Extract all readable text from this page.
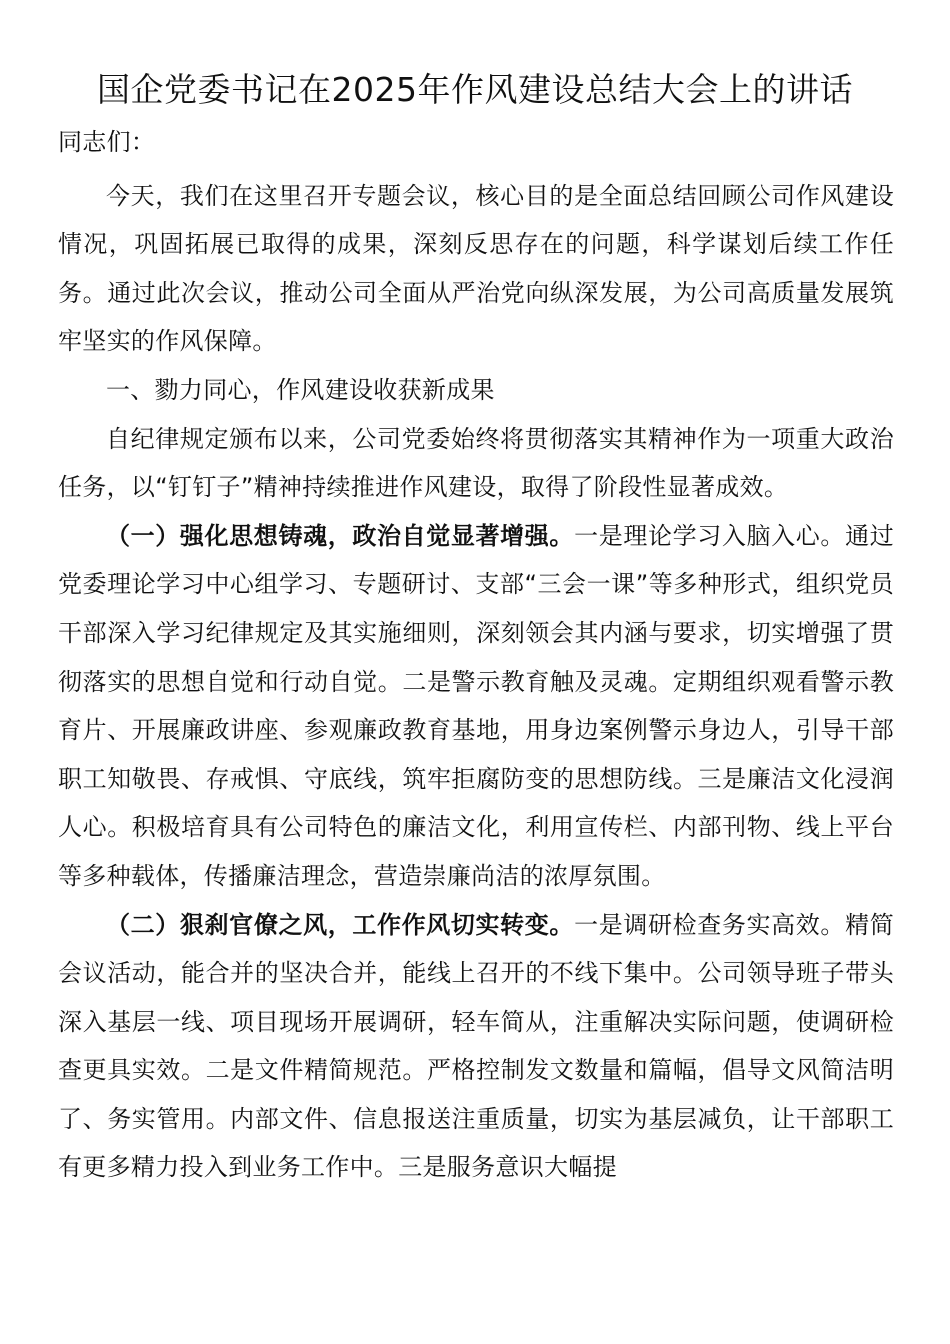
国企党委书记在2025年作风建设总结大会上的讲话

同志们：

今天，我们在这里召开专题会议，核心目的是全面总结回顾公司作风建设情况，巩固拓展已取得的成果，深刻反思存在的问题，科学谋划后续工作任务。通过此次会议，推动公司全面从严治党向纵深发展，为公司高质量发展筑牢坚实的作风保障。

一、勠力同心，作风建设收获新成果

自纪律规定颁布以来，公司党委始终将贯彻落实其精神作为一项重大政治任务，以“钉钉子”精神持续推进作风建设，取得了阶段性显著成效。

（一）强化思想铸魂，政治自觉显著增强。一是理论学习入脑入心。通过党委理论学习中心组学习、专题研讨、支部“三会一课”等多种形式，组织党员干部深入学习纪律规定及其实施细则，深刻领会其内涵与要求，切实增强了贯彻落实的思想自觉和行动自觉。二是警示教育触及灵魂。定期组织观看警示教育片、开展廉政讲座、参观廉政教育基地，用身边案例警示身边人，引导干部职工知敬畏、存戒惧、守底线，筑牢拒腐防变的思想防线。三是廉洁文化浸润人心。积极培育具有公司特色的廉洁文化，利用宣传栏、内部刊物、线上平台等多种载体，传播廉洁理念，营造崇廉尚洁的浓厚氛围。

（二）狠刹官僚之风，工作作风切实转变。一是调研检查务实高效。精简会议活动，能合并的坚决合并，能线上召开的不线下集中。公司领导班子带头深入基层一线、项目现场开展调研，轻车简从，注重解决实际问题，使调研检查更具实效。二是文件精简规范。严格控制发文数量和篇幅，倡导文风简洁明了、务实管用。内部文件、信息报送注重质量，切实为基层减负，让干部职工有更多精力投入到业务工作中。三是服务意识大幅提
